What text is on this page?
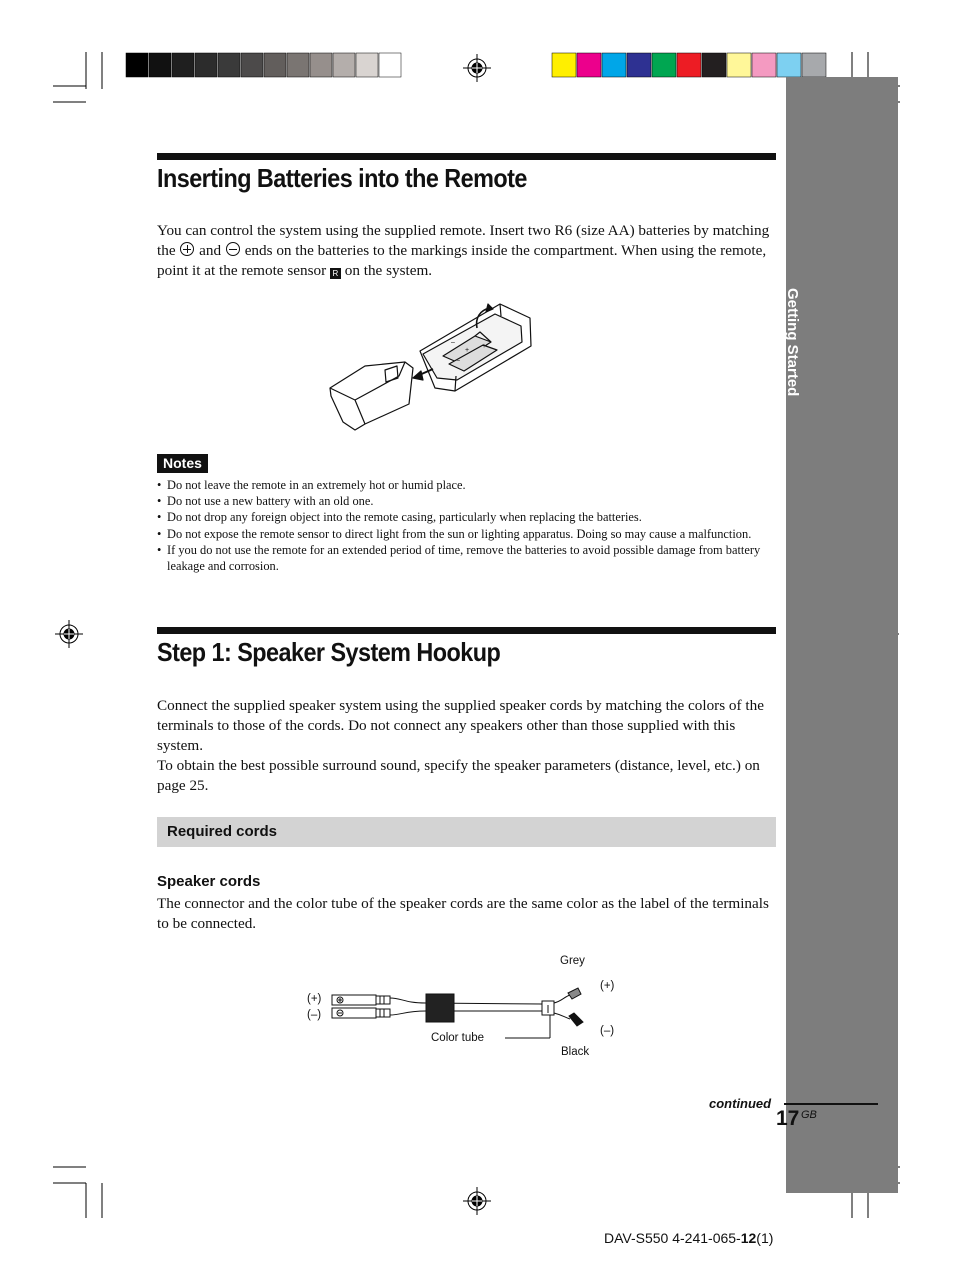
Getting Started
Inserting Batteries into the Remote

You can control the system using the supplied remote. Insert two R6 (size AA) batteries by matching the and ends on the batteries to the markings inside the compartment. When using the remote, point it at the remote sensor R on the system.

+
+
–
–
Notes
• Do not leave the remote in an extremely hot or humid place.
• Do not use a new battery with an old one.
• Do not drop any foreign object into the remote casing, particularly when replacing the batteries.
• Do not expose the remote sensor to direct light from the sun or lighting apparatus. Doing so may cause a malfunction.
• If you do not use the remote for an extended period of time, remove the batteries to avoid possible damage from battery leakage and corrosion.
Step 1: Speaker System Hookup

Connect the supplied speaker system using the supplied speaker cords by matching the colors of the terminals to those of the cords. Do not connect any speakers other than those supplied with this system.

To obtain the best possible surround sound, specify the speaker parameters (distance, level, etc.) on page 25.

Required cords
Speaker cords
The connector and the color tube of the speaker cords are the same color as the label of the terminals to be connected.
(+)
(–)
Grey
(+)
(–)
Color tube
Black
continued
17 GB
DAV-S550 4-241-065-12(1)
